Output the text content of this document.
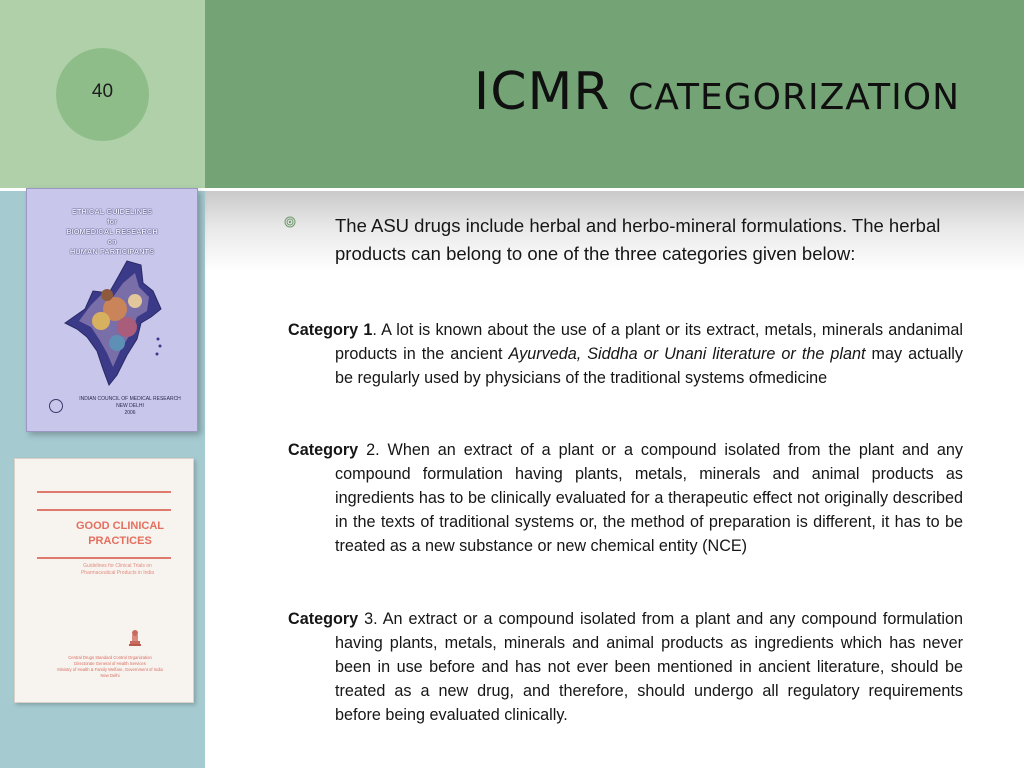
40	ICMR categorization
ETHICAL GUIDELINES
for
BIOMEDICAL RESEARCH
on
HUMAN PARTICIPANTS
INDIAN COUNCIL OF MEDICAL RESEARCH
NEW DELHI
2006
GOOD CLINICAL
PRACTICES
Guidelines for Clinical Trials on
Pharmaceutical Products in India
Central Drugs Standard Control Organization
Directorate General of Health Services
Ministry of Health & Family Welfare, Government of India
New Delhi
The ASU drugs include herbal and herbo-mineral formulations. The herbal products can belong to one of the three categories given below:
Category 1. A lot is known about the use of a plant or its extract, metals, minerals andanimal products in the ancient Ayurveda, Siddha or Unani literature or the plant may actually be regularly used by physicians of the traditional systems ofmedicine
Category 2. When an extract of a plant or a compound isolated from the plant and any compound formulation having plants, metals, minerals and animal products as ingredients has to be clinically evaluated for a therapeutic effect not originally described in the texts of traditional systems or, the method of preparation is different, it has to be treated as a new substance or new chemical entity (NCE)
Category 3. An extract or a compound isolated from a plant and any compound formulation having plants, metals, minerals and animal products as ingredients which has never been in use before and has not ever been mentioned in ancient literature, should be treated as a new drug, and therefore, should undergo all regulatory requirements before being evaluated clinically.
